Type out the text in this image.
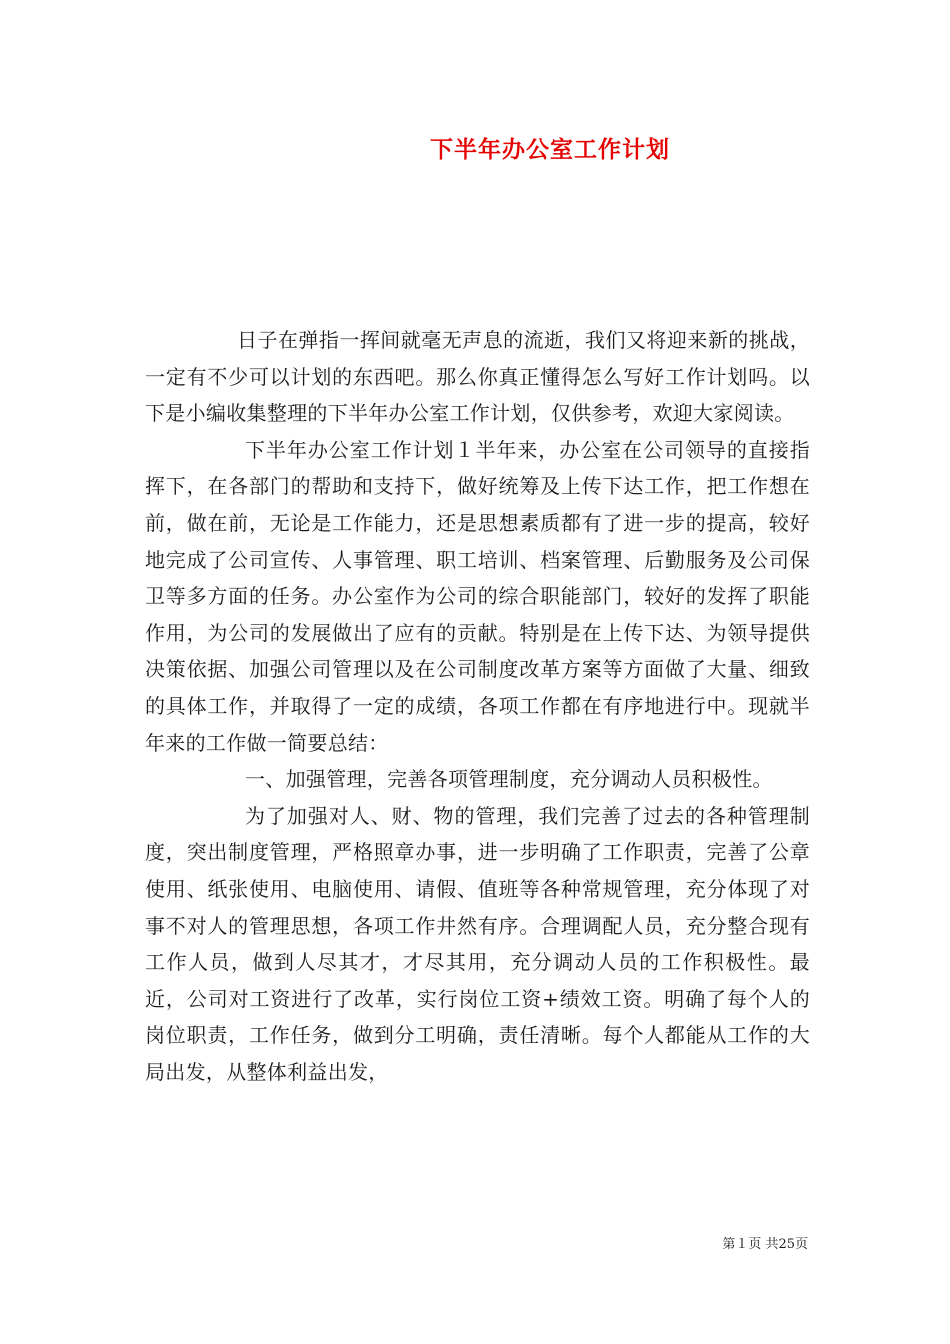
下半年办公室工作计划

日子在弹指一挥间就毫无声息的流逝，我们又将迎来新的挑战，一定有不少可以计划的东西吧。那么你真正懂得怎么写好工作计划吗。以下是小编收集整理的下半年办公室工作计划，仅供参考，欢迎大家阅读。

下半年办公室工作计划１半年来，办公室在公司领导的直接指挥下，在各部门的帮助和支持下，做好统筹及上传下达工作，把工作想在前，做在前，无论是工作能力，还是思想素质都有了进一步的提高，较好地完成了公司宣传、人事管理、职工培训、档案管理、后勤服务及公司保卫等多方面的任务。办公室作为公司的综合职能部门，较好的发挥了职能作用，为公司的发展做出了应有的贡献。特别是在上传下达、为领导提供决策依据、加强公司管理以及在公司制度改革方案等方面做了大量、细致的具体工作，并取得了一定的成绩，各项工作都在有序地进行中。现就半年来的工作做一简要总结：

一、加强管理，完善各项管理制度，充分调动人员积极性。

为了加强对人、财、物的管理，我们完善了过去的各种管理制度，突出制度管理，严格照章办事，进一步明确了工作职责，完善了公章使用、纸张使用、电脑使用、请假、值班等各种常规管理，充分体现了对事不对人的管理思想，各项工作井然有序。合理调配人员，充分整合现有工作人员，做到人尽其才，才尽其用，充分调动人员的工作积极性。最近，公司对工资进行了改革，实行岗位工资+绩效工资。明确了每个人的岗位职责，工作任务，做到分工明确，责任清晰。每个人都能从工作的大局出发，从整体利益出发，

第１页 共25页
